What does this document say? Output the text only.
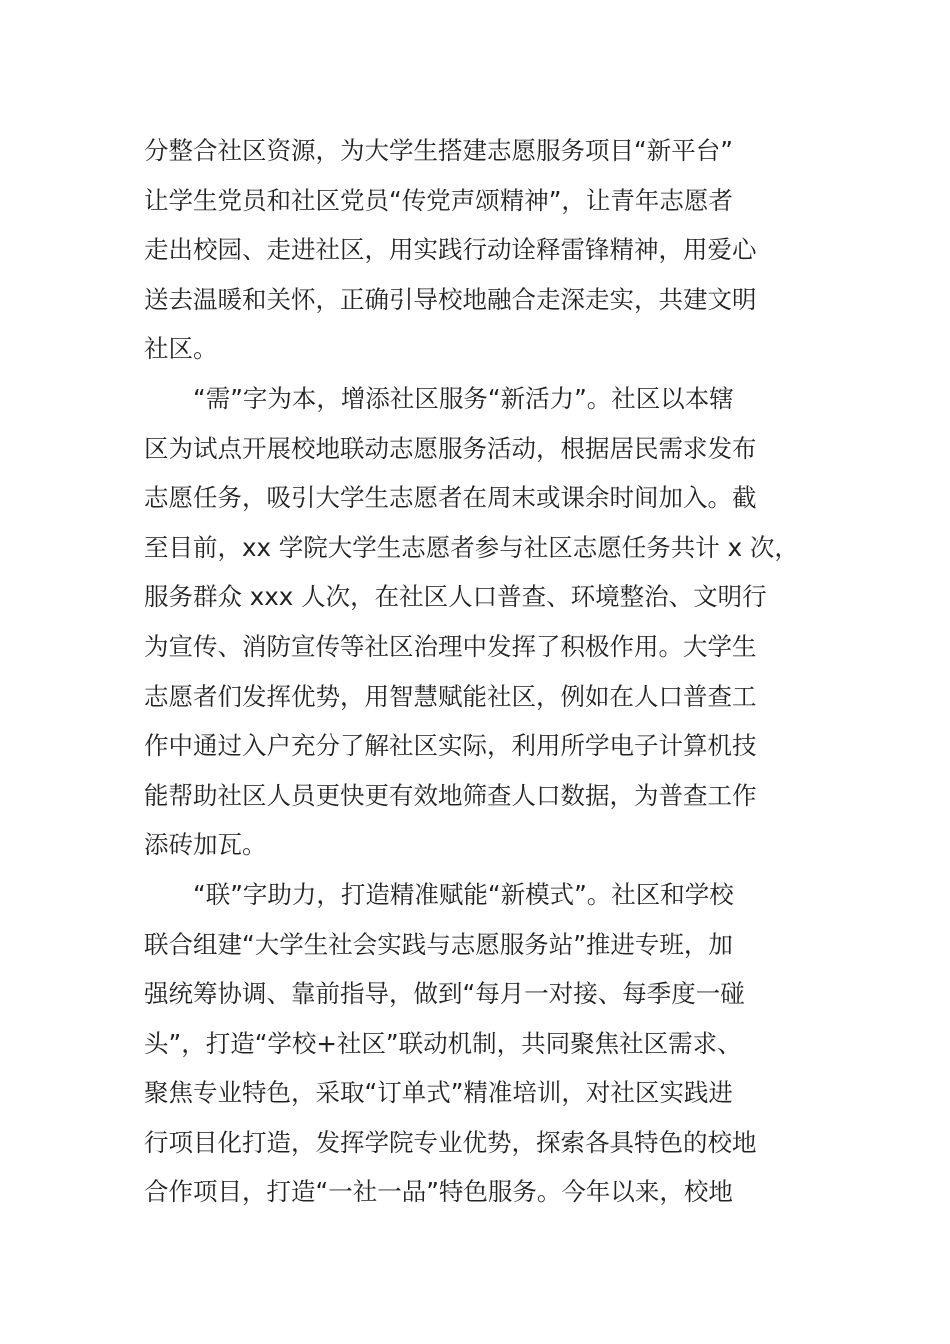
分整合社区资源，为大学生搭建志愿服务项目“新平台”
让学生党员和社区党员“传党声颂精神”，让青年志愿者
走出校园、走进社区，用实践行动诠释雷锋精神，用爱心
送去温暖和关怀，正确引导校地融合走深走实，共建文明
社区。
　　“需”字为本，增添社区服务“新活力”。社区以本辖
区为试点开展校地联动志愿服务活动，根据居民需求发布
志愿任务，吸引大学生志愿者在周末或课余时间加入。截
至目前，xx 学院大学生志愿者参与社区志愿任务共计 x 次，
服务群众 xxx 人次，在社区人口普查、环境整治、文明行
为宣传、消防宣传等社区治理中发挥了积极作用。大学生
志愿者们发挥优势，用智慧赋能社区，例如在人口普查工
作中通过入户充分了解社区实际，利用所学电子计算机技
能帮助社区人员更快更有效地筛查人口数据，为普查工作
添砖加瓦。
　　“联”字助力，打造精准赋能“新模式”。社区和学校
联合组建“大学生社会实践与志愿服务站”推进专班，加
强统筹协调、靠前指导，做到“每月一对接、每季度一碰
头”，打造“学校+社区”联动机制，共同聚焦社区需求、
聚焦专业特色，采取“订单式”精准培训，对社区实践进
行项目化打造，发挥学院专业优势，探索各具特色的校地
合作项目，打造“一社一品”特色服务。今年以来，校地
